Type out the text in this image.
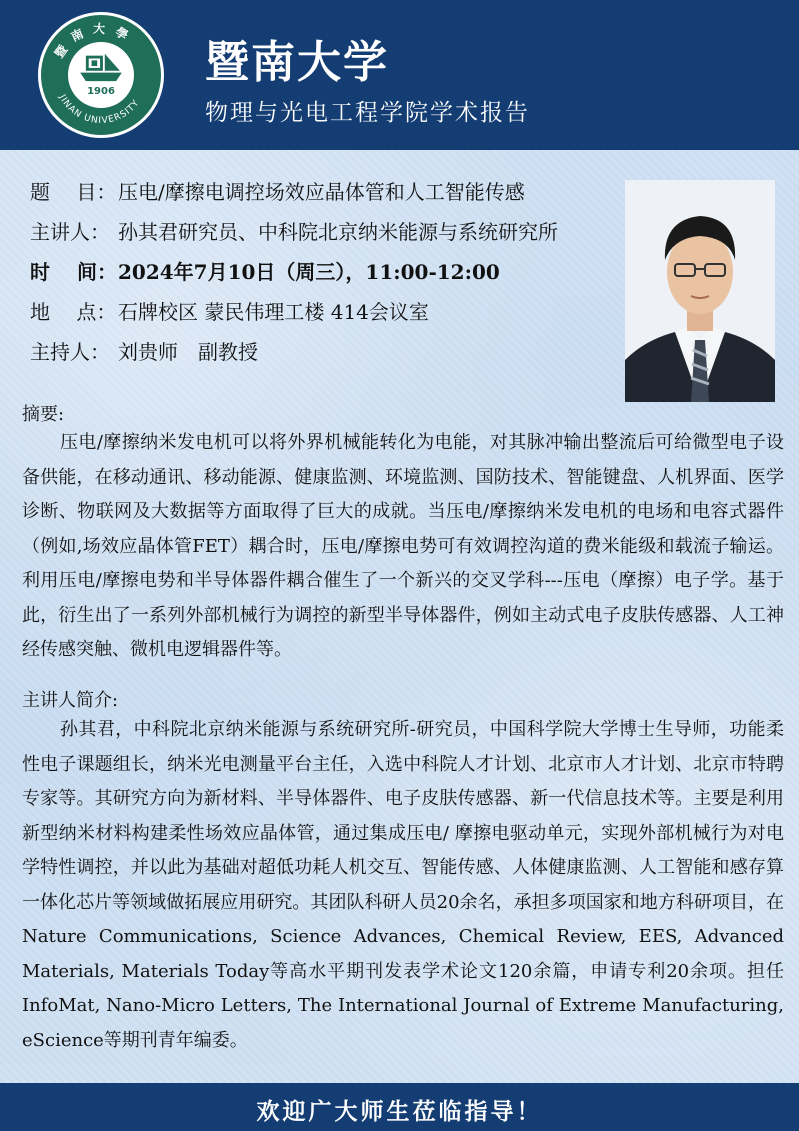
暨南大學
JINAN UNIVERSITY
1906
暨南大学
物理与光电工程学院学术报告
题　 目：压电/摩擦电调控场效应晶体管和人工智能传感
主讲人： 孙其君研究员、中科院北京纳米能源与系统研究所
时　 间：2024年7月10日（周三），11:00-12:00
地　 点：石牌校区 蒙民伟理工楼 414会议室
主持人： 刘贵师　副教授
摘要:

压电/摩擦纳米发电机可以将外界机械能转化为电能，对其脉冲输出整流后可给微型电子设备供能，在移动通讯、移动能源、健康监测、环境监测、国防技术、智能键盘、人机界面、医学诊断、物联网及大数据等方面取得了巨大的成就。当压电/摩擦纳米发电机的电场和电容式器件（例如,场效应晶体管FET）耦合时，压电/摩擦电势可有效调控沟道的费米能级和载流子输运。利用压电/摩擦电势和半导体器件耦合催生了一个新兴的交叉学科---压电（摩擦）电子学。基于此，衍生出了一系列外部机械行为调控的新型半导体器件，例如主动式电子皮肤传感器、人工神经传感突触、微机电逻辑器件等。

主讲人简介:

孙其君，中科院北京纳米能源与系统研究所-研究员，中国科学院大学博士生导师，功能柔性电子课题组长，纳米光电测量平台主任，入选中科院人才计划、北京市人才计划、北京市特聘专家等。其研究方向为新材料、半导体器件、电子皮肤传感器、新一代信息技术等。主要是利用新型纳米材料构建柔性场效应晶体管，通过集成压电/ 摩擦电驱动单元，实现外部机械行为对电学特性调控，并以此为基础对超低功耗人机交互、智能传感、人体健康监测、人工智能和感存算一体化芯片等领域做拓展应用研究。其团队科研人员20余名，承担多项国家和地方科研项目，在Nature Communications, Science Advances, Chemical Review, EES, Advanced Materials, Materials Today等高水平期刊发表学术论文120余篇，申请专利20余项。担任 InfoMat, Nano-Micro Letters, The International Journal of Extreme Manufacturing, eScience等期刊青年编委。

欢迎广大师生莅临指导！
